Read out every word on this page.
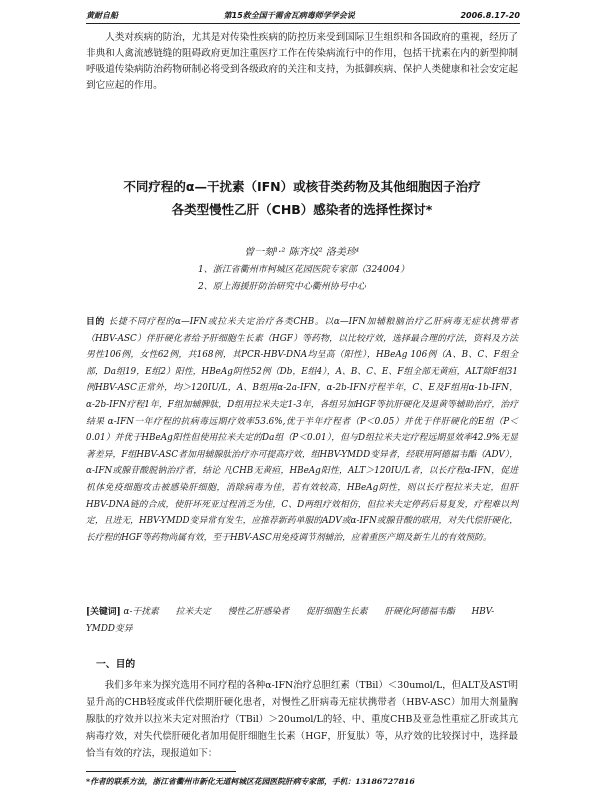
黄耐自船	第15救全国干需舍瓦病毒师学学会说	2006.8.17-20

人类对疾病的防治，尤其是对传染性疾病的防控历来受到国际卫生组织和各国政府的重视，经历了非典和人禽流感链缝的阻碍政府更加注重医疗工作在传染病流行中的作用，包括干扰素在内的新型抑制呼吸道传染病防治药物研制必将受到各级政府的关注和支持，为抵御疾病、保护人类健康和社会安定起到它应起的作用。

不同疗程的α—干扰素（IFN）或核苷类药物及其他细胞因子治疗
各类型慢性乙肝（CHB）感染者的选择性探讨*
曾一刻¹·² 陈齐坟² 洛美珍¹
1、浙江省衢州市柯城区花园医院专家部（324004）
2、原上海援肝防治研究中心衢州协号中心
目的 长捷不同疗程的α—IFN或拉米夫定治疗各类CHB。以α—IFN加辅粮脑治疗乙肝病毒无症状携带者（HBV-ASC）伴肝硬化者给予肝细胞生长素（HGF）等药物，以比较疗效，选择最合理的疗法，资料及方法 男性106例，女性62例，共168例，其PCR-HBV-DNA均呈高（阳性），HBeAg 106例（A、B、C、F组全部，Da组19，E组2）阳性，HBeAg阴性52例（Db，E组4），A、B、C、E、F组全部无黄疸，ALT除F组31例HBV-ASC正常外，均＞120IU/L，A、B组用α-2a-IFN，α-2b-IFN疗程半年，C、E及F组用α-1b-IFN，α-2b-IFN疗程1年，F组加辅脾肽，D组用拉米夫定1-3年，各组另加HGF等抗肝硬化及退黄等辅助治疗，治疗结果 α-IFN一年疗程的抗病毒远期疗效率53.6%,优于半年疗程者（P＜0.05）并优于伴肝硬化的E组（P＜0.01）并优于HBeAg阳性但使用拉米夫定的Da组（P＜0.01），但与D组拉米夫定疗程远期显效率42.9%无显著差异，F组HBV-ASC者加用辅腺肽治疗亦可提高疗效，组HBV-YMDD变异者，经联用阿德福韦酯（ADV），α-IFN或腺苷酸脱钠治疗者，结论 凡CHB无黄疸，HBeAg阳性，ALT＞120IU/L者，以长疗程α-IFN，促进机体免疫细胞攻击被感染肝细胞，消除病毒为佳，若有效较高，HBeAg阴性，则以长疗程拉米夫定，但肝HBV-DNA链的合成，使肝坏死亚过程消乏为佳，C、D两组疗效相仿，但拉米夫定停药后易复发，疗程难以判定，且进无，HBV-YMDD变异常有发生，应推荐新药单服的ADV或α-IFN或腺苷酸的联用，对失代偿肝硬化，长疗程的HGF等药物尚属有效，至于HBV-ASC用免疫调节剂辅治，应着重医产期及新生儿的有效预防。
[关键词] α-干扰素 拉米夫定 慢性乙肝感染者 促肝细胞生长素 肝硬化阿德福韦酯 HBV-YMDD变异
一、目的

我们多年来为探究选用不同疗程的各种α-IFN治疗总胆红素（TBil）＜30umol/L，但ALT及AST明显升高的CHB轻度或伴代偿期肝硬化患者，对慢性乙肝病毒无症状携带者（HBV-ASC）加用大剂量胸腺肽的疗效并以拉米夫定对照治疗（TBil）＞20umol/L的轻、中、重度CHB及亚急性重症乙肝或其亢病毒疗效，对失代偿肝硬化者加用促肝细胞生长素（HGF，肝复肽）等，从疗效的比较探讨中，选择最恰当有效的疗法，现报道如下：

*作者的联系方法，浙江省衢州市新化无道柯城区花园医院肝病专家部，手机：13186727816
